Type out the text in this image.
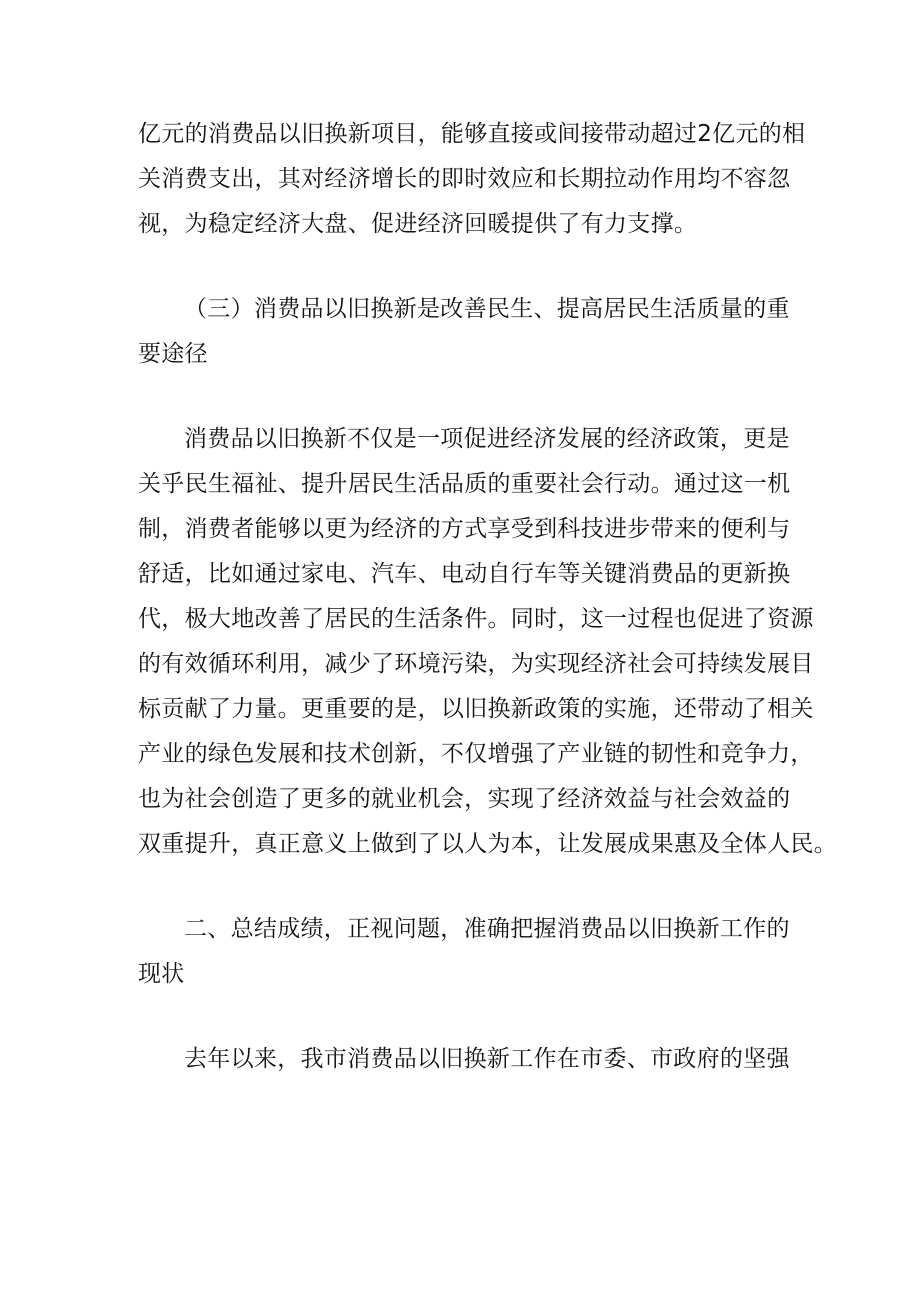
亿元的消费品以旧换新项目，能够直接或间接带动超过2亿元的相
关消费支出，其对经济增长的即时效应和长期拉动作用均不容忽
视，为稳定经济大盘、促进经济回暖提供了有力支撑。

（三）消费品以旧换新是改善民生、提高居民生活质量的重
要途径

消费品以旧换新不仅是一项促进经济发展的经济政策，更是
关乎民生福祉、提升居民生活品质的重要社会行动。通过这一机
制，消费者能够以更为经济的方式享受到科技进步带来的便利与
舒适，比如通过家电、汽车、电动自行车等关键消费品的更新换
代，极大地改善了居民的生活条件。同时，这一过程也促进了资源
的有效循环利用，减少了环境污染，为实现经济社会可持续发展目
标贡献了力量。更重要的是，以旧换新政策的实施，还带动了相关
产业的绿色发展和技术创新，不仅增强了产业链的韧性和竞争力，
也为社会创造了更多的就业机会，实现了经济效益与社会效益的
双重提升，真正意义上做到了以人为本，让发展成果惠及全体人民。

二、总结成绩，正视问题，准确把握消费品以旧换新工作的
现状

去年以来，我市消费品以旧换新工作在市委、市政府的坚强
